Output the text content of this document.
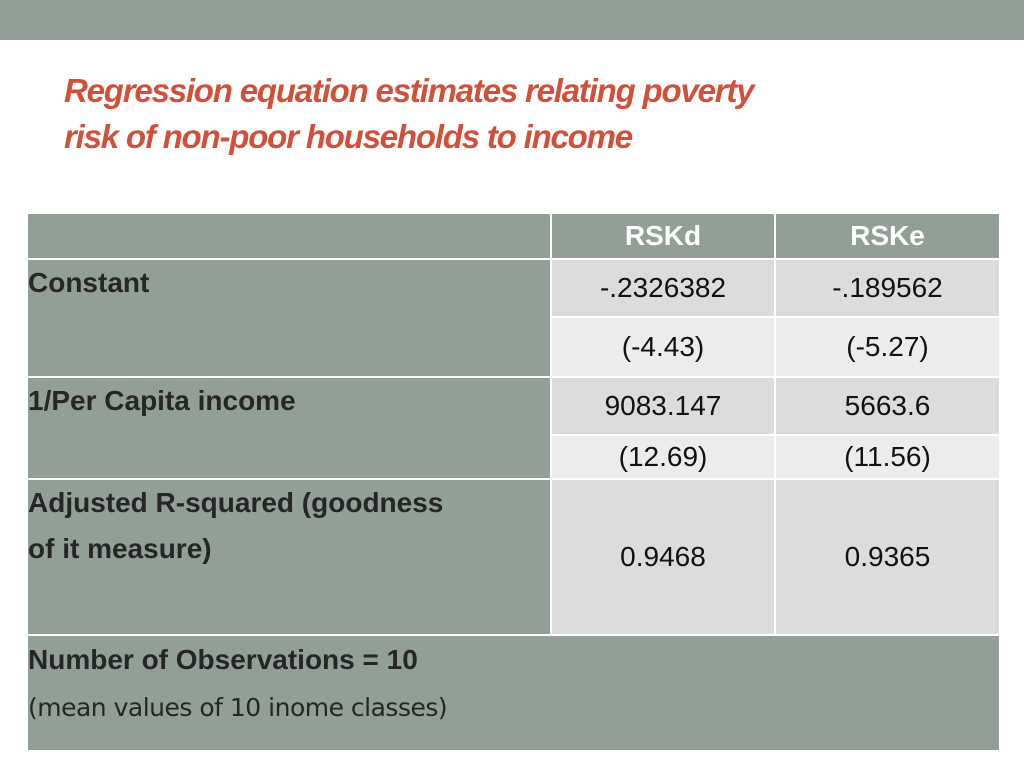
Regression equation estimates relating poverty
risk of non-poor households to income
	RSKd	RSKe
Constant	-.2326382	-.189562
	(-4.43)	(-5.27)
1/Per Capita income	9083.147	5663.6
	(12.69)	(11.56)

Adjusted R-squared (goodness
of it measure)	0.9468	0.9365

Number of Observations = 10
(mean values of 10 inome classes)		
